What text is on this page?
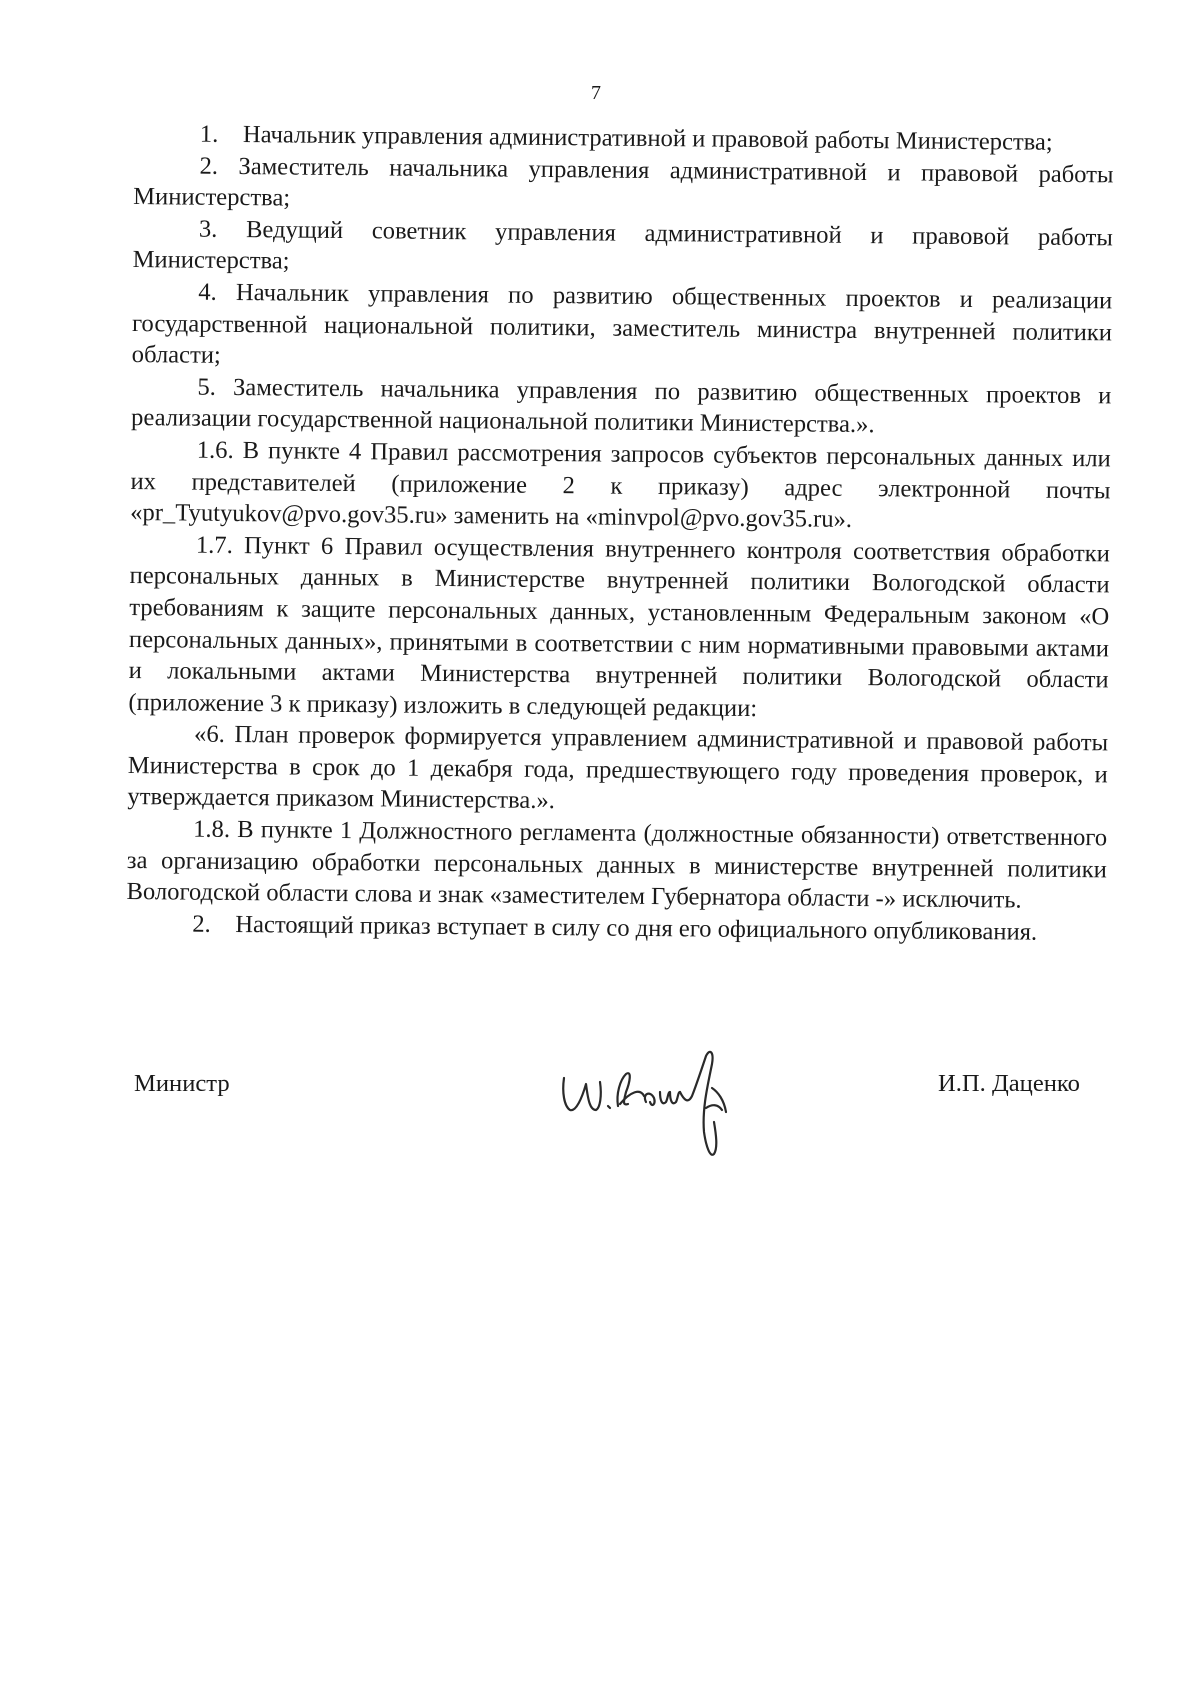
7

1.    Начальник управления административной и правовой работы Министерства;

2. Заместитель начальника управления административной и правовой работы Министерства;

3. Ведущий советник управления административной и правовой работы Министерства;

4. Начальник управления по развитию общественных проектов и реализации государственной национальной политики, заместитель министра внутренней политики области;

5. Заместитель начальника управления по развитию общественных проектов и реализации государственной национальной политики Министерства.».

1.6. В пункте 4 Правил рассмотрения запросов субъектов персональных данных или их представителей (приложение 2 к приказу) адрес электронной почты «pr_Tyutyukov@pvo.gov35.ru» заменить на «minvpol@pvo.gov35.ru».

1.7. Пункт 6 Правил осуществления внутреннего контроля соответствия обработки персональных данных в Министерстве внутренней политики Вологодской области требованиям к защите персональных данных, установленным Федеральным законом «О персональных данных», принятыми в соответствии с ним нормативными правовыми актами и локальными актами Министерства внутренней политики Вологодской области (приложение 3 к приказу) изложить в следующей редакции:

«6. План проверок формируется управлением административной и правовой работы Министерства в срок до 1 декабря года, предшествующего году проведения проверок, и утверждается приказом Министерства.».

1.8. В пункте 1 Должностного регламента (должностные обязанности) ответственного за организацию обработки персональных данных в министерстве внутренней политики Вологодской области слова и знак «заместителем Губернатора области -» исключить.

2.    Настоящий приказ вступает в силу со дня его официального опубликования.

Министр	И.П. Даценко
